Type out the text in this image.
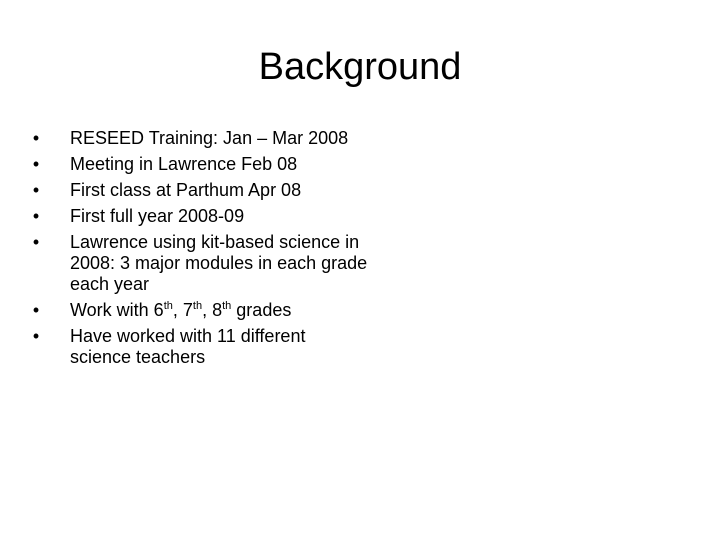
Background
• RESEED Training: Jan – Mar 2008
• Meeting in Lawrence Feb 08
• First class at Parthum Apr 08
• First full year 2008-09
• Lawrence using kit-based science in 2008: 3 major modules in each grade each year
• Work with 6th, 7th, 8th grades
• Have worked with 11 different science teachers
